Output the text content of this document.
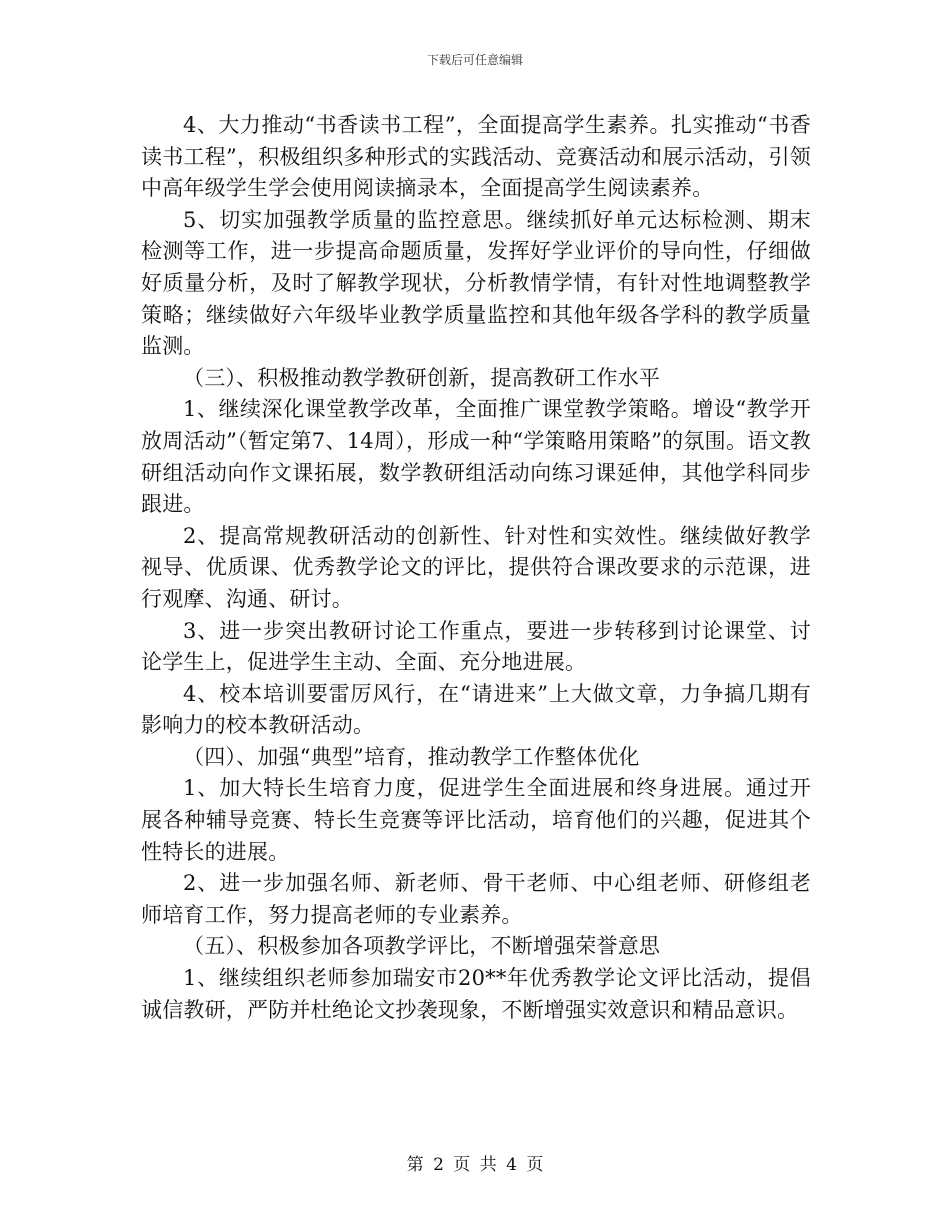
下载后可任意编辑

4、大力推动“书香读书工程”，全面提高学生素养。扎实推动“书香读书工程”，积极组织多种形式的实践活动、竞赛活动和展示活动，引领中高年级学生学会使用阅读摘录本，全面提高学生阅读素养。

5、切实加强教学质量的监控意思。继续抓好单元达标检测、期末检测等工作，进一步提高命题质量，发挥好学业评价的导向性，仔细做好质量分析，及时了解教学现状，分析教情学情，有针对性地调整教学策略；继续做好六年级毕业教学质量监控和其他年级各学科的教学质量监测。

（三）、积极推动教学教研创新，提高教研工作水平

1、继续深化课堂教学改革，全面推广课堂教学策略。增设“教学开放周活动”（暂定第7、14周），形成一种“学策略用策略”的氛围。语文教研组活动向作文课拓展，数学教研组活动向练习课延伸，其他学科同步跟进。

2、提高常规教研活动的创新性、针对性和实效性。继续做好教学视导、优质课、优秀教学论文的评比，提供符合课改要求的示范课，进行观摩、沟通、研讨。

3、进一步突出教研讨论工作重点，要进一步转移到讨论课堂、讨论学生上，促进学生主动、全面、充分地进展。

4、校本培训要雷厉风行，在“请进来”上大做文章，力争搞几期有影响力的校本教研活动。

（四）、加强“典型”培育，推动教学工作整体优化

1、加大特长生培育力度，促进学生全面进展和终身进展。通过开展各种辅导竞赛、特长生竞赛等评比活动，培育他们的兴趣，促进其个性特长的进展。

2、进一步加强名师、新老师、骨干老师、中心组老师、研修组老师培育工作，努力提高老师的专业素养。

（五）、积极参加各项教学评比，不断增强荣誉意思

1、继续组织老师参加瑞安市20**年优秀教学论文评比活动，提倡诚信教研，严防并杜绝论文抄袭现象，不断增强实效意识和精品意识。

第 2 页 共 4 页
